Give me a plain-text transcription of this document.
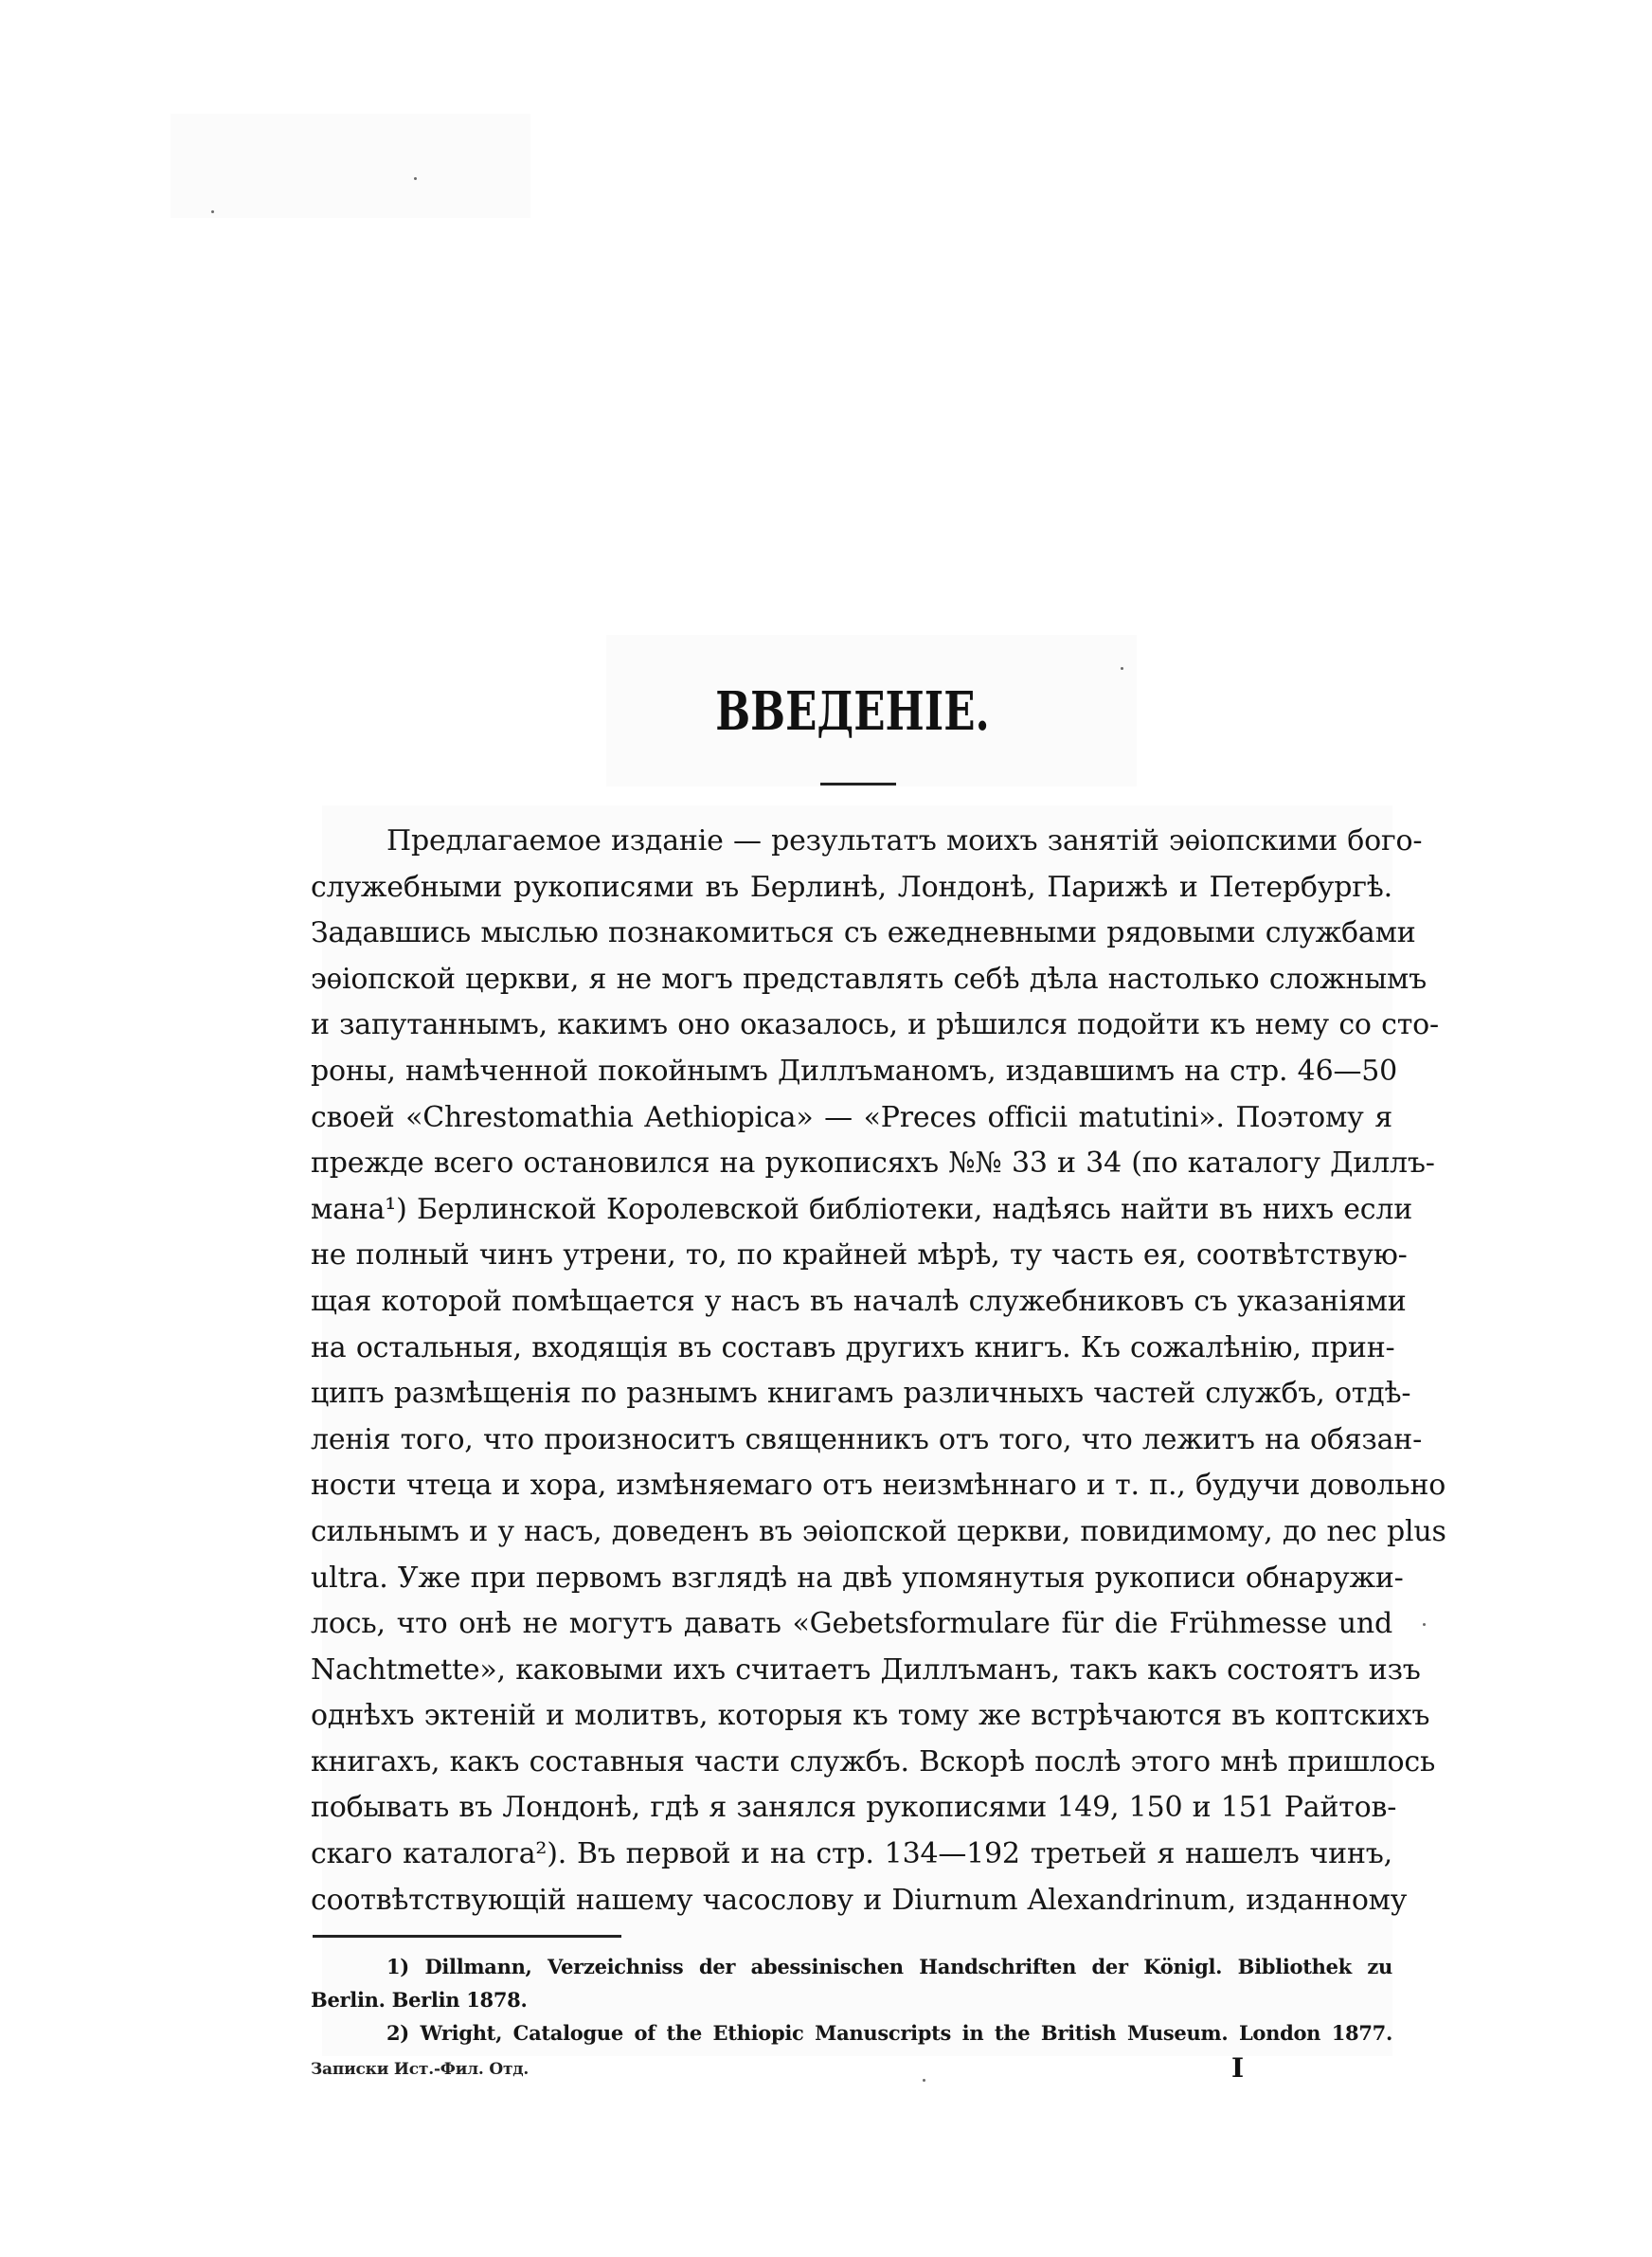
ВВЕДЕНІЕ.
Предлагаемое изданіе — результатъ моихъ занятій эѳіопскими бого-
служебными рукописями въ Берлинѣ, Лондонѣ, Парижѣ и Петербургѣ.
Задавшись мыслью познакомиться съ ежедневными рядовыми службами
эѳіопской церкви, я не могъ представлять себѣ дѣла настолько сложнымъ
и запутаннымъ, какимъ оно оказалось, и рѣшился подойти къ нему со сто-
роны, намѣченной покойнымъ Диллъманомъ, издавшимъ на стр. 46—50
своей «Chrestomathia Aethiopica» — «Preces officii matutini». Поэтому я
прежде всего остановился на рукописяхъ №№ 33 и 34 (по каталогу Диллъ-
мана¹) Берлинской Королевской библіотеки, надѣясь найти въ нихъ если
не полный чинъ утрени, то, по крайней мѣрѣ, ту часть ея, соотвѣтствую-
щая которой помѣщается у насъ въ началѣ служебниковъ съ указаніями
на остальныя, входящія въ составъ другихъ книгъ. Къ сожалѣнію, прин-
ципъ размѣщенія по разнымъ книгамъ различныхъ частей службъ, отдѣ-
ленія того, что произноситъ священникъ отъ того, что лежитъ на обязан-
ности чтеца и хора, измѣняемаго отъ неизмѣннаго и т. п., будучи довольно
сильнымъ и у насъ, доведенъ въ эѳіопской церкви, повидимому, до nec plus
ultra. Уже при первомъ взглядѣ на двѣ упомянутыя рукописи обнаружи-
лось, что онѣ не могутъ давать «Gebetsformulare für die Frühmesse und
Nachtmette», каковыми ихъ считаетъ Диллъманъ, такъ какъ состоятъ изъ
однѣхъ эктеній и молитвъ, которыя къ тому же встрѣчаются въ коптскихъ
книгахъ, какъ составныя части службъ. Вскорѣ послѣ этого мнѣ пришлось
побывать въ Лондонѣ, гдѣ я занялся рукописями 149, 150 и 151 Райтов-
скаго каталога²). Въ первой и на стр. 134—192 третьей я нашелъ чинъ,
соотвѣтствующій нашему часослову и Diurnum Alexandrinum, изданному
1) Dillmann, Verzeichniss der abessinischen Handschriften der Königl. Bibliothek zu
Berlin. Berlin 1878.
2) Wright, Catalogue of the Ethiopic Manuscripts in the British Museum. London 1877.
Записки Ист.-Фил. Отд.	I
